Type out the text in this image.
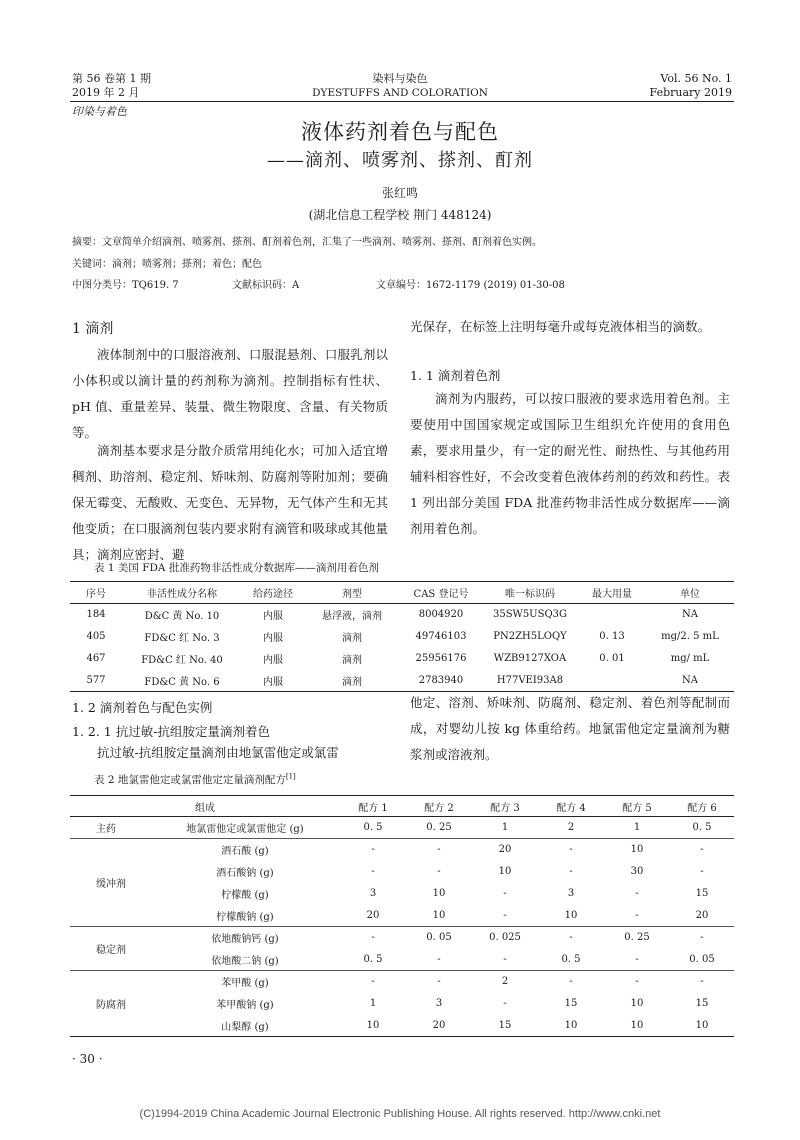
第 56 卷第 1 期
2019 年 2 月
染料与染色
DYESTUFFS AND COLORATION
Vol. 56 No. 1
February 2019
印染与着色
液体药剂着色与配色
——滴剂、喷雾剂、搽剂、酊剂
张红鸣
(湖北信息工程学校 荆门 448124)
摘要：文章简单介绍滴剂、喷雾剂、搽剂、酊剂着色剂，汇集了一些滴剂、喷雾剂、搽剂、酊剂着色实例。
关键词：滴剂；喷雾剂；搽剂；着色；配色
中图分类号：TQ619. 7	文献标识码：A	文章编号：1672-1179 (2019) 01-30-08
1 滴剂
液体制剂中的口服溶液剂、口服混悬剂、口服乳剂以小体积或以滴计量的药剂称为滴剂。控制指标有性状、pH 值、重量差异、装量、微生物限度、含量、有关物质等。
滴剂基本要求是分散介质常用纯化水；可加入适宜增稠剂、助溶剂、稳定剂、矫味剂、防腐剂等附加剂；要确保无霉变、无酸败、无变色、无异物，无气体产生和无其他变质；在口服滴剂包装内要求附有滴管和吸球或其他量具；滴剂应密封、避
光保存，在标签上注明每毫升或每克液体相当的滴数。
1. 1 滴剂着色剂
滴剂为内服药，可以按口服液的要求选用着色剂。主要使用中国国家规定或国际卫生组织允许使用的食用色素，要求用量少，有一定的耐光性、耐热性、与其他药用辅料相容性好，不会改变着色液体药剂的药效和药性。表 1 列出部分美国 FDA 批准药物非活性成分数据库——滴剂用着色剂。
表 1 美国 FDA 批准药物非活性成分数据库——滴剂用着色剂
序号	非活性成分名称	给药途径	剂型	CAS 登记号	唯一标识码	最大用量	单位
184	D&C 黄 No. 10	内服	悬浮液，滴剂	8004920	35SW5USQ3G		NA
405	FD&C 红 No. 3	内服	滴剂	49746103	PN2ZH5LOQY	0. 13	mg/2. 5 mL
467	FD&C 红 No. 40	内服	滴剂	25956176	WZB9127XOA	0. 01	mg/ mL
577	FD&C 黄 No. 6	内服	滴剂	2783940	H77VEI93A8		NA
1. 2 滴剂着色与配色实例
1. 2. 1 抗过敏-抗组胺定量滴剂着色
抗过敏-抗组胺定量滴剂由地氯雷他定或氯雷
他定、溶剂、矫味剂、防腐剂、稳定剂、着色剂等配制而成，对婴幼儿按 kg 体重给药。地氯雷他定定量滴剂为糖浆剂或溶液剂。
表 2 地氯雷他定或氯雷他定定量滴剂配方[1]
组成		配方 1	配方 2	配方 3	配方 4	配方 5	配方 6
主药	地氯雷他定或氯雷他定 (g)	0. 5	0. 25	1	2	1	0. 5
缓冲剂	酒石酸 (g)	-	-	20	-	10	-
	酒石酸钠 (g)	-	-	10	-	30	-
	柠檬酸 (g)	3	10	-	3	-	15
	柠檬酸钠 (g)	20	10	-	10	-	20
稳定剂	依地酸钠钙 (g)	-	0. 05	0. 025	-	0. 25	-
	依地酸二钠 (g)	0. 5	-	-	0. 5	-	0. 05
防腐剂	苯甲酸 (g)	-	-	2	-	-	-
	苯甲酸钠 (g)	1	3	-	15	10	15
	山梨醇 (g)	10	20	15	10	10	10
· 30 ·
(C)1994-2019 China Academic Journal Electronic Publishing House. All rights reserved. http://www.cnki.net
